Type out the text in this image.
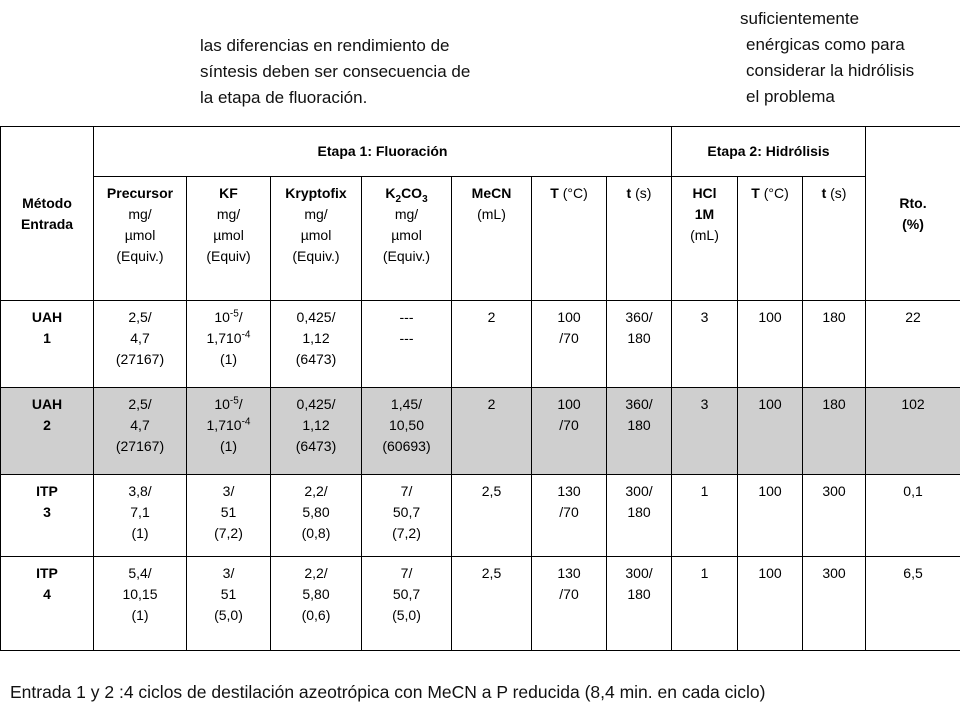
las diferencias en rendimiento de
síntesis deben ser consecuencia de
la etapa de fluoración.
suficientemente
enérgicas como para
considerar la hidrólisis
el problema
Método
Entrada	Etapa 1: Fluoración							Etapa 2: Hidrólisis			Rto.
(%)

	Precursor
mg/
µmol
(Equiv.)	KF
mg/
µmol
(Equiv)	Kryptofix
mg/
µmol
(Equiv.)	$K_2CO_3$
mg/
µmol
(Equiv.)	MeCN
(mL)	T (°C)	t (s)	HCl
1M
(mL)	T (°C)	t (s)	

UAH
1	2,5/
4,7
(27167)	$10^{-5}/$
$1,710^{-4}$
(1)	0,425/
1,12
(6473)	---
---	2	100
/70	360/
180	3	100	180	22

UAH
2	2,5/
4,7
(27167)	$10^{-5}/$
$1,710^{-4}$
(1)	0,425/
1,12
(6473)	1,45/
10,50
(60693)	2	100
/70	360/
180	3	100	180	102

ITP
3	3,8/
7,1
(1)	3/
51
(7,2)	2,2/
5,80
(0,8)	7/
50,7
(7,2)	2,5	130
/70	300/
180	1	100	300	0,1

ITP
4	5,4/
10,15
(1)	3/
51
(5,0)	2,2/
5,80
(0,6)	7/
50,7
(5,0)	2,5	130
/70	300/
180	1	100	300	6,5
Entrada 1 y 2 :4 ciclos de destilación azeotrópica con MeCN a P reducida (8,4 min. en cada ciclo)
